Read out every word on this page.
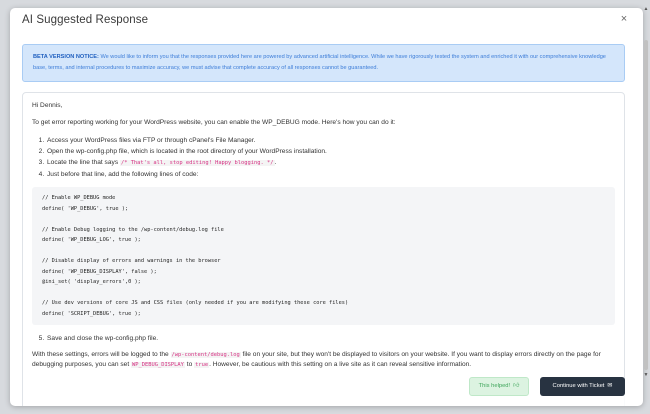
AI Suggested Response	×
BETA VERSION NOTICE: We would like to inform you that the responses provided here are powered by advanced artificial intelligence. While we have rigorously tested the system and enriched it with our comprehensive knowledge base, terms, and internal procedures to maximize accuracy, we must advise that complete accuracy of all responses cannot be guaranteed.

Hi Dennis,

To get error reporting working for your WordPress website, you can enable the WP_DEBUG mode. Here's how you can do it:

1. Access your WordPress files via FTP or through cPanel's File Manager.
2. Open the wp-config.php file, which is located in the root directory of your WordPress installation.
3. Locate the line that says /* That's all, stop editing! Happy blogging. */.
4. Just before that line, add the following lines of code:
// Enable WP_DEBUG mode
define( 'WP_DEBUG', true );
// Enable Debug logging to the /wp-content/debug.log file
define( 'WP_DEBUG_LOG', true );
// Disable display of errors and warnings in the browser
define( 'WP_DEBUG_DISPLAY', false );
@ini_set( 'display_errors',0 );
// Use dev versions of core JS and CSS files (only needed if you are modifying these core files)
define( 'SCRIPT_DEBUG', true );
5. Save and close the wp-config.php file.

With these settings, errors will be logged to the /wp-content/debug.log file on your site, but they won't be displayed to visitors on your website. If you want to display errors directly on the page for debugging purposes, you can set WP_DEBUG_DISPLAY to true. However, be cautious with this setting on a live site as it can reveal sensitive information.

This helped! 👍︎	Continue with Ticket ✉
▲
▼
